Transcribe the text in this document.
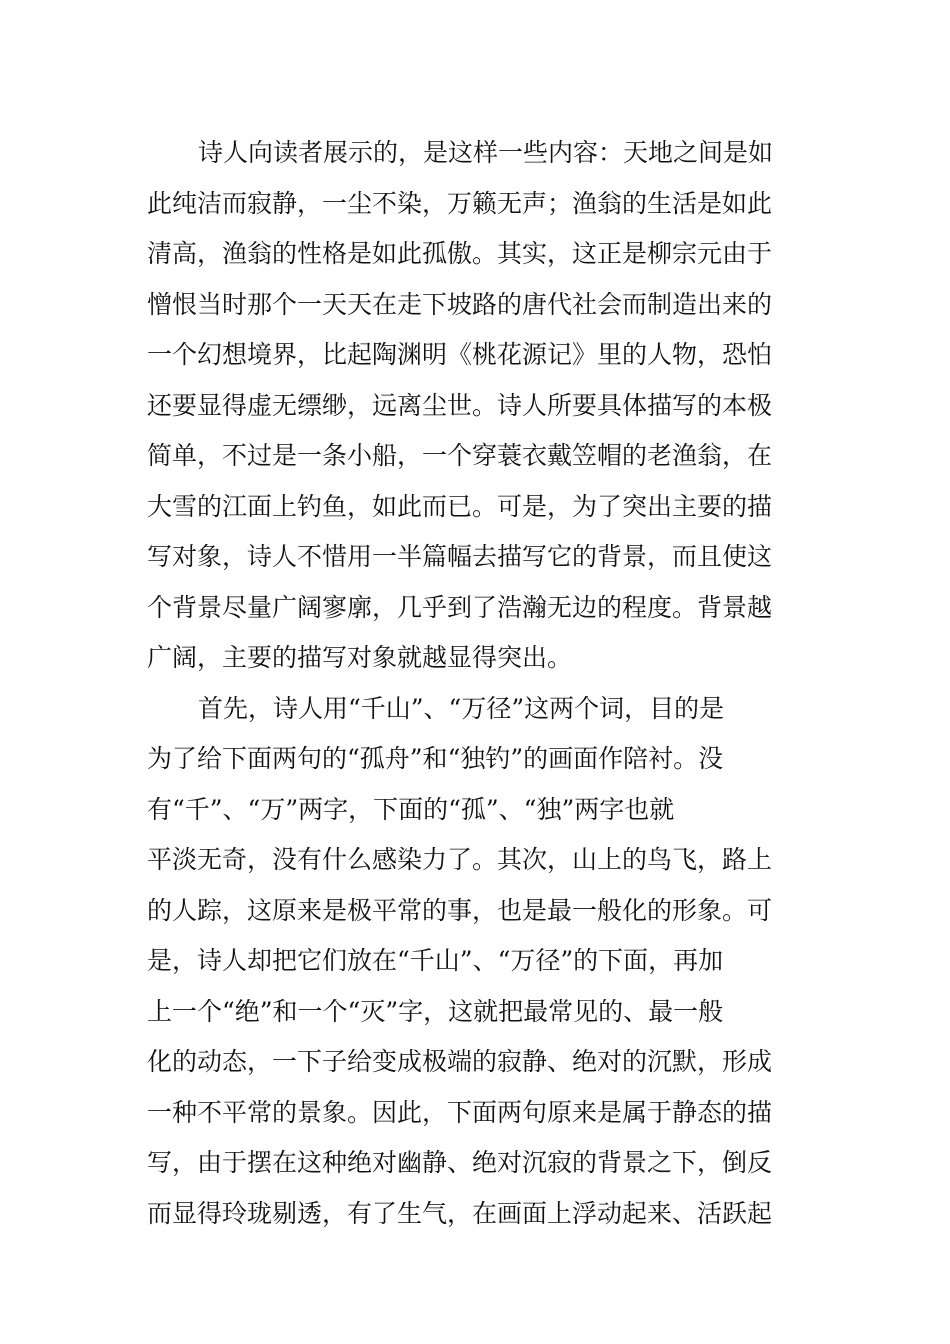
诗人向读者展示的，是这样一些内容：天地之间是如
此纯洁而寂静，一尘不染，万籁无声；渔翁的生活是如此
清高，渔翁的性格是如此孤傲。其实，这正是柳宗元由于
憎恨当时那个一天天在走下坡路的唐代社会而制造出来的
一个幻想境界，比起陶渊明《桃花源记》里的人物，恐怕
还要显得虚无缥缈，远离尘世。诗人所要具体描写的本极
简单，不过是一条小船，一个穿蓑衣戴笠帽的老渔翁，在
大雪的江面上钓鱼，如此而已。可是，为了突出主要的描
写对象，诗人不惜用一半篇幅去描写它的背景，而且使这
个背景尽量广阔寥廓，几乎到了浩瀚无边的程度。背景越
广阔，主要的描写对象就越显得突出。
首先，诗人用“千山”、“万径”这两个词，目的是
为了给下面两句的“孤舟”和“独钓”的画面作陪衬。没
有“千”、“万”两字，下面的“孤”、“独”两字也就
平淡无奇，没有什么感染力了。其次，山上的鸟飞，路上
的人踪，这原来是极平常的事，也是最一般化的形象。可
是，诗人却把它们放在“千山”、“万径”的下面，再加
上一个“绝”和一个“灭”字，这就把最常见的、最一般
化的动态，一下子给变成极端的寂静、绝对的沉默，形成
一种不平常的景象。因此，下面两句原来是属于静态的描
写，由于摆在这种绝对幽静、绝对沉寂的背景之下，倒反
而显得玲珑剔透，有了生气，在画面上浮动起来、活跃起
